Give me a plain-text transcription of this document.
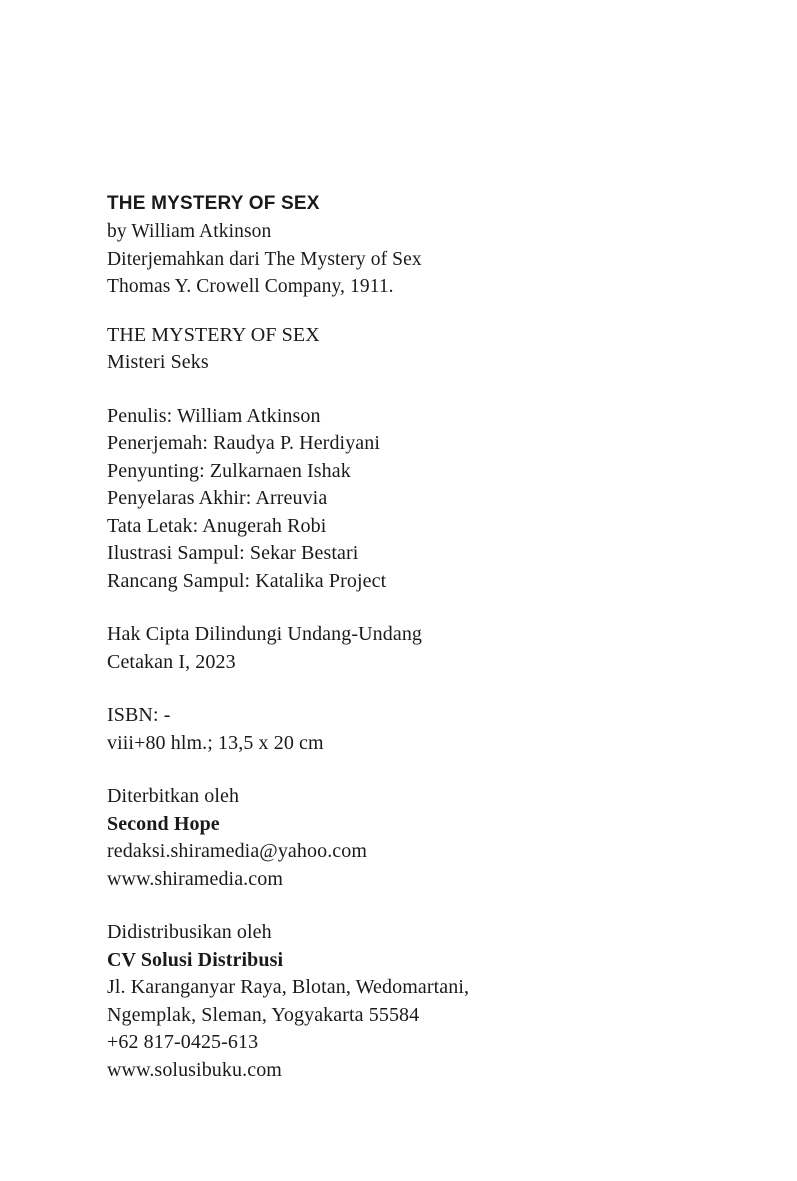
THE MYSTERY OF SEX
by William Atkinson
Diterjemahkan dari The Mystery of Sex
Thomas Y. Crowell Company, 1911.
THE MYSTERY OF SEX
Misteri Seks
Penulis: William Atkinson
Penerjemah: Raudya P. Herdiyani
Penyunting: Zulkarnaen Ishak
Penyelaras Akhir: Arreuvia
Tata Letak: Anugerah Robi
Ilustrasi Sampul: Sekar Bestari
Rancang Sampul: Katalika Project
Hak Cipta Dilindungi Undang-Undang
Cetakan I, 2023
ISBN: -
viii+80 hlm.; 13,5 x 20 cm
Diterbitkan oleh
Second Hope
redaksi.shiramedia@yahoo.com
www.shiramedia.com
Didistribusikan oleh
CV Solusi Distribusi
Jl. Karanganyar Raya, Blotan, Wedomartani,
Ngemplak, Sleman, Yogyakarta 55584
+62 817-0425-613
www.solusibuku.com
